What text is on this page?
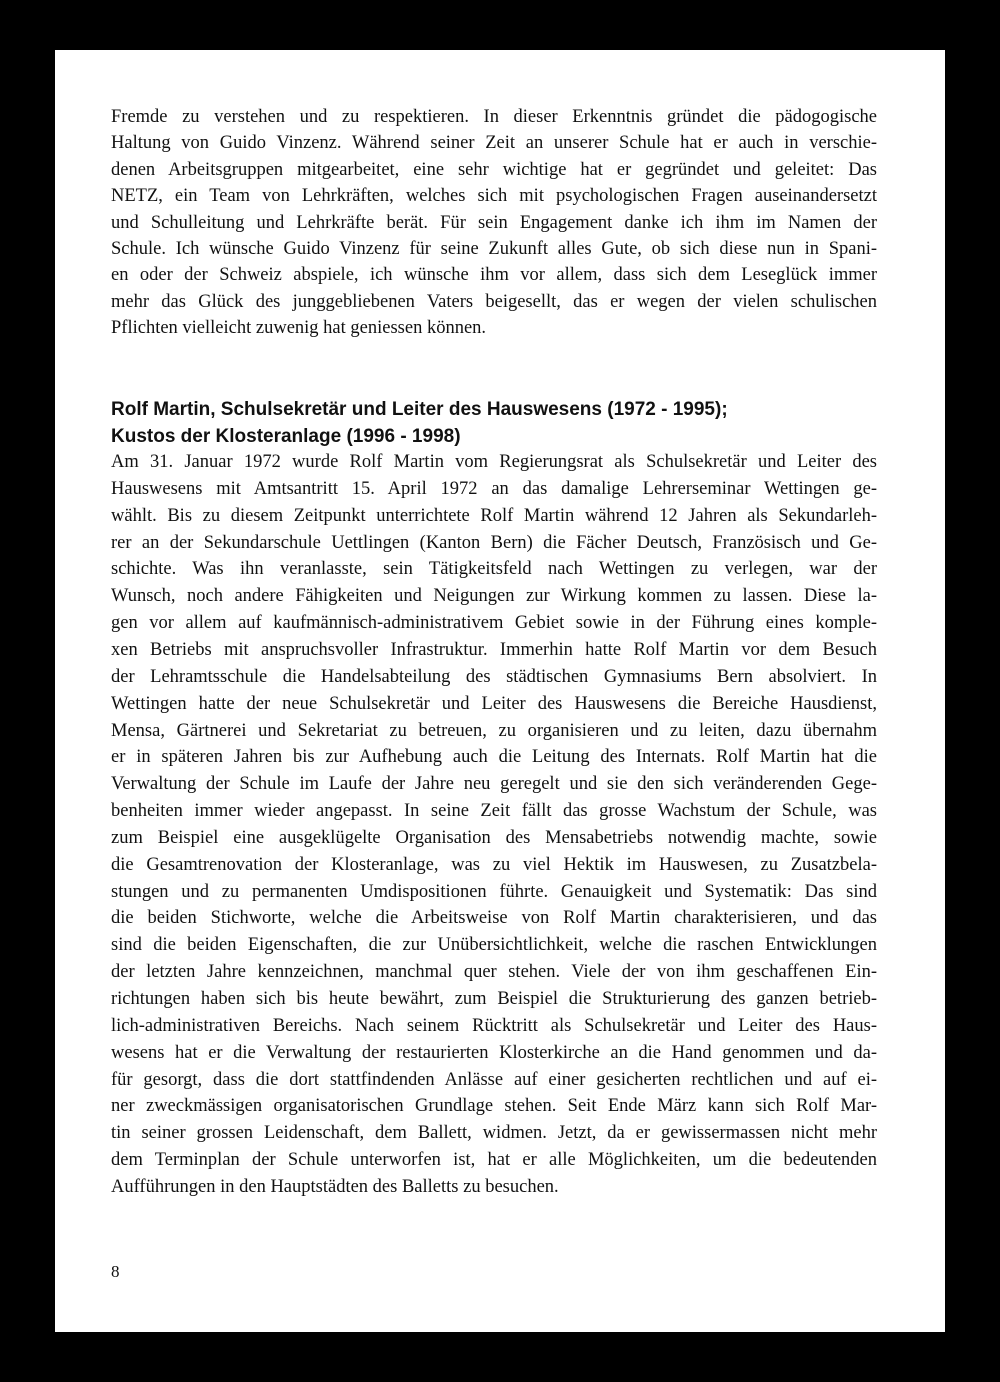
Fremde zu verstehen und zu respektieren. In dieser Erkenntnis gründet die pädogogische
Haltung von Guido Vinzenz. Während seiner Zeit an unserer Schule hat er auch in verschie-
denen Arbeitsgruppen mitgearbeitet, eine sehr wichtige hat er gegründet und geleitet: Das
NETZ, ein Team von Lehrkräften, welches sich mit psychologischen Fragen auseinandersetzt
und Schulleitung und Lehrkräfte berät. Für sein Engagement danke ich ihm im Namen der
Schule. Ich wünsche Guido Vinzenz für seine Zukunft alles Gute, ob sich diese nun in Spani-
en oder der Schweiz abspiele, ich wünsche ihm vor allem, dass sich dem Leseglück immer
mehr das Glück des junggebliebenen Vaters beigesellt, das er wegen der vielen schulischen
Pflichten vielleicht zuwenig hat geniessen können.
Rolf Martin, Schulsekretär und Leiter des Hauswesens (1972 - 1995);
Kustos der Klosteranlage (1996 - 1998)
Am 31. Januar 1972 wurde Rolf Martin vom Regierungsrat als Schulsekretär und Leiter des
Hauswesens mit Amtsantritt 15. April 1972 an das damalige Lehrerseminar Wettingen ge-
wählt. Bis zu diesem Zeitpunkt unterrichtete Rolf Martin während 12 Jahren als Sekundarleh-
rer an der Sekundarschule Uettlingen (Kanton Bern) die Fächer Deutsch, Französisch und Ge-
schichte. Was ihn veranlasste, sein Tätigkeitsfeld nach Wettingen zu verlegen, war der
Wunsch, noch andere Fähigkeiten und Neigungen zur Wirkung kommen zu lassen. Diese la-
gen vor allem auf kaufmännisch-administrativem Gebiet sowie in der Führung eines komple-
xen Betriebs mit anspruchsvoller Infrastruktur. Immerhin hatte Rolf Martin vor dem Besuch
der Lehramtsschule die Handelsabteilung des städtischen Gymnasiums Bern absolviert. In
Wettingen hatte der neue Schulsekretär und Leiter des Hauswesens die Bereiche Hausdienst,
Mensa, Gärtnerei und Sekretariat zu betreuen, zu organisieren und zu leiten, dazu übernahm
er in späteren Jahren bis zur Aufhebung auch die Leitung des Internats. Rolf Martin hat die
Verwaltung der Schule im Laufe der Jahre neu geregelt und sie den sich veränderenden Gege-
benheiten immer wieder angepasst. In seine Zeit fällt das grosse Wachstum der Schule, was
zum Beispiel eine ausgeklügelte Organisation des Mensabetriebs notwendig machte, sowie
die Gesamtrenovation der Klosteranlage, was zu viel Hektik im Hauswesen, zu Zusatzbela-
stungen und zu permanenten Umdispositionen führte. Genauigkeit und Systematik: Das sind
die beiden Stichworte, welche die Arbeitsweise von Rolf Martin charakterisieren, und das
sind die beiden Eigenschaften, die zur Unübersichtlichkeit, welche die raschen Entwicklungen
der letzten Jahre kennzeichnen, manchmal quer stehen. Viele der von ihm geschaffenen Ein-
richtungen haben sich bis heute bewährt, zum Beispiel die Strukturierung des ganzen betrieb-
lich-administrativen Bereichs. Nach seinem Rücktritt als Schulsekretär und Leiter des Haus-
wesens hat er die Verwaltung der restaurierten Klosterkirche an die Hand genommen und da-
für gesorgt, dass die dort stattfindenden Anlässe auf einer gesicherten rechtlichen und auf ei-
ner zweckmässigen organisatorischen Grundlage stehen. Seit Ende März kann sich Rolf Mar-
tin seiner grossen Leidenschaft, dem Ballett, widmen. Jetzt, da er gewissermassen nicht mehr
dem Terminplan der Schule unterworfen ist, hat er alle Möglichkeiten, um die bedeutenden
Aufführungen in den Hauptstädten des Balletts zu besuchen.
8
